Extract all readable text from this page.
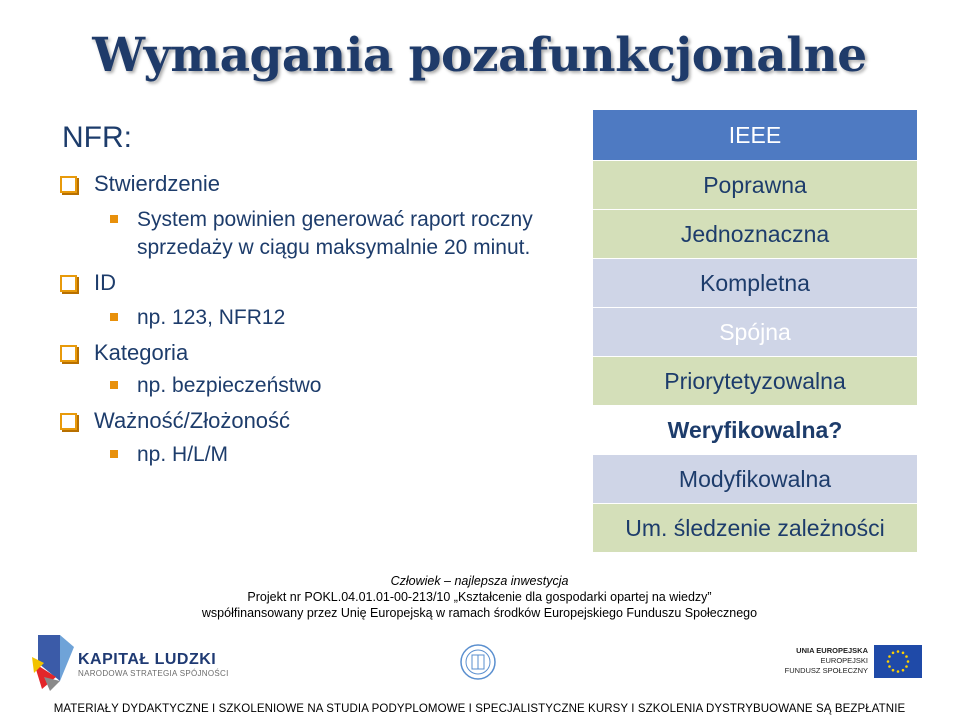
Wymagania pozafunkcjonalne
NFR:
Stwierdzenie
System powinien generować raport roczny
sprzedaży w ciągu maksymalnie 20 minut.
ID
np. 123, NFR12
Kategoria
np. bezpieczeństwo
Ważność/Złożoność
np. H/L/M
IEEE
Poprawna
Jednoznaczna
Kompletna
Spójna
Priorytetyzowalna
Weryfikowalna?
Modyfikowalna
Um. śledzenie zależności
Człowiek – najlepsza inwestycja
Projekt nr POKL.04.01.01-00-213/10 „Kształcenie dla gospodarki opartej na wiedzy”
współfinansowany przez Unię Europejską w ramach środków Europejskiego Funduszu Społecznego
KAPITAŁ LUDZKI
NARODOWA STRATEGIA SPÓJNOŚCI
UNIA EUROPEJSKA
EUROPEJSKI
FUNDUSZ SPOŁECZNY
MATERIAŁY DYDAKTYCZNE I SZKOLENIOWE NA STUDIA PODYPLOMOWE I SPECJALISTYCZNE KURSY I SZKOLENIA DYSTRYBUOWANE SĄ BEZPŁATNIE
